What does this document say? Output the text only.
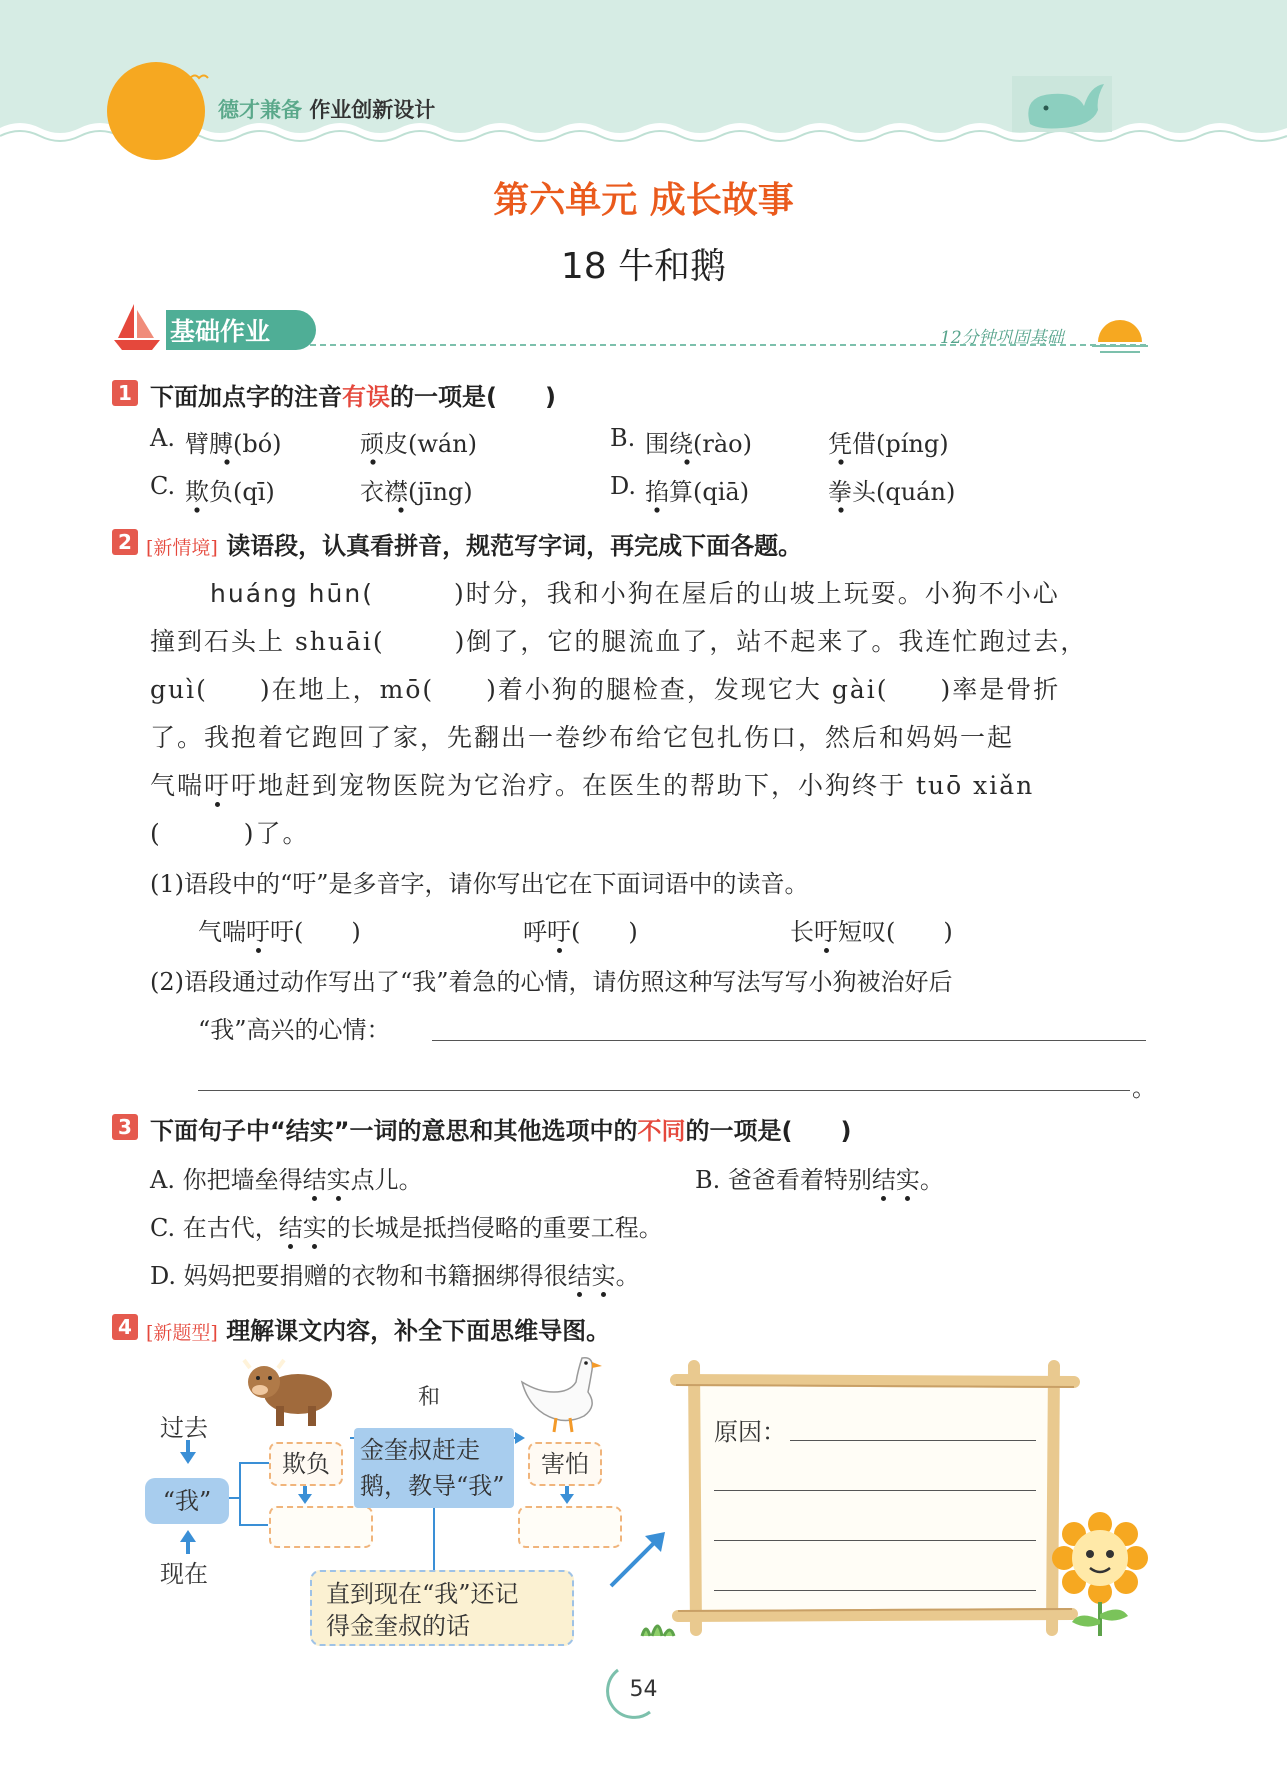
德才兼备 作业创新设计
第六单元 成长故事
18 牛和鹅
基础作业	12分钟巩固基础
1 下面加点字的注音有误的一项是(　　)
A. 臂膊(bó)	顽皮(wán)	B. 围绕(rào)	凭借(píng)
C. 欺负(qī)	衣襟(jīng)	D. 掐算(qiā)	拳头(quán)
2 [新情境] 读语段，认真看拼音，规范写字词，再完成下面各题。
huáng hūn(	)时分，我和小狗在屋后的山坡上玩耍。小狗不小心
撞到石头上 shuāi(	)倒了，它的腿流血了，站不起来了。我连忙跑过去，
guì( )在地上，mō( )着小狗的腿检查，发现它大 gài( )率是骨折
了。我抱着它跑回了家，先翻出一卷纱布给它包扎伤口，然后和妈妈一起
气喘吁吁地赶到宠物医院为它治疗。在医生的帮助下，小狗终于 tuō xiǎn
(	)了。
(1)语段中的“吁”是多音字，请你写出它在下面词语中的读音。
气喘吁吁(　　)	呼吁(　　)	长吁短叹(　　)
(2)语段通过动作写出了“我”着急的心情，请仿照这种写法写写小狗被治好后
“我”高兴的心情：
。
3 下面句子中“结实”一词的意思和其他选项中的不同的一项是(　　)
A. 你把墙垒得结实点儿。	B. 爸爸看着特别结实。
C. 在古代，结实的长城是抵挡侵略的重要工程。
D. 妈妈把要捐赠的衣物和书籍捆绑得很结实。
4 [新题型] 理解课文内容，补全下面思维导图。
过去
现在
“我”
和
欺负	金奎叔赶走
鹅，教导“我”
害怕
直到现在“我”还记
得金奎叔的话
原因：
54
